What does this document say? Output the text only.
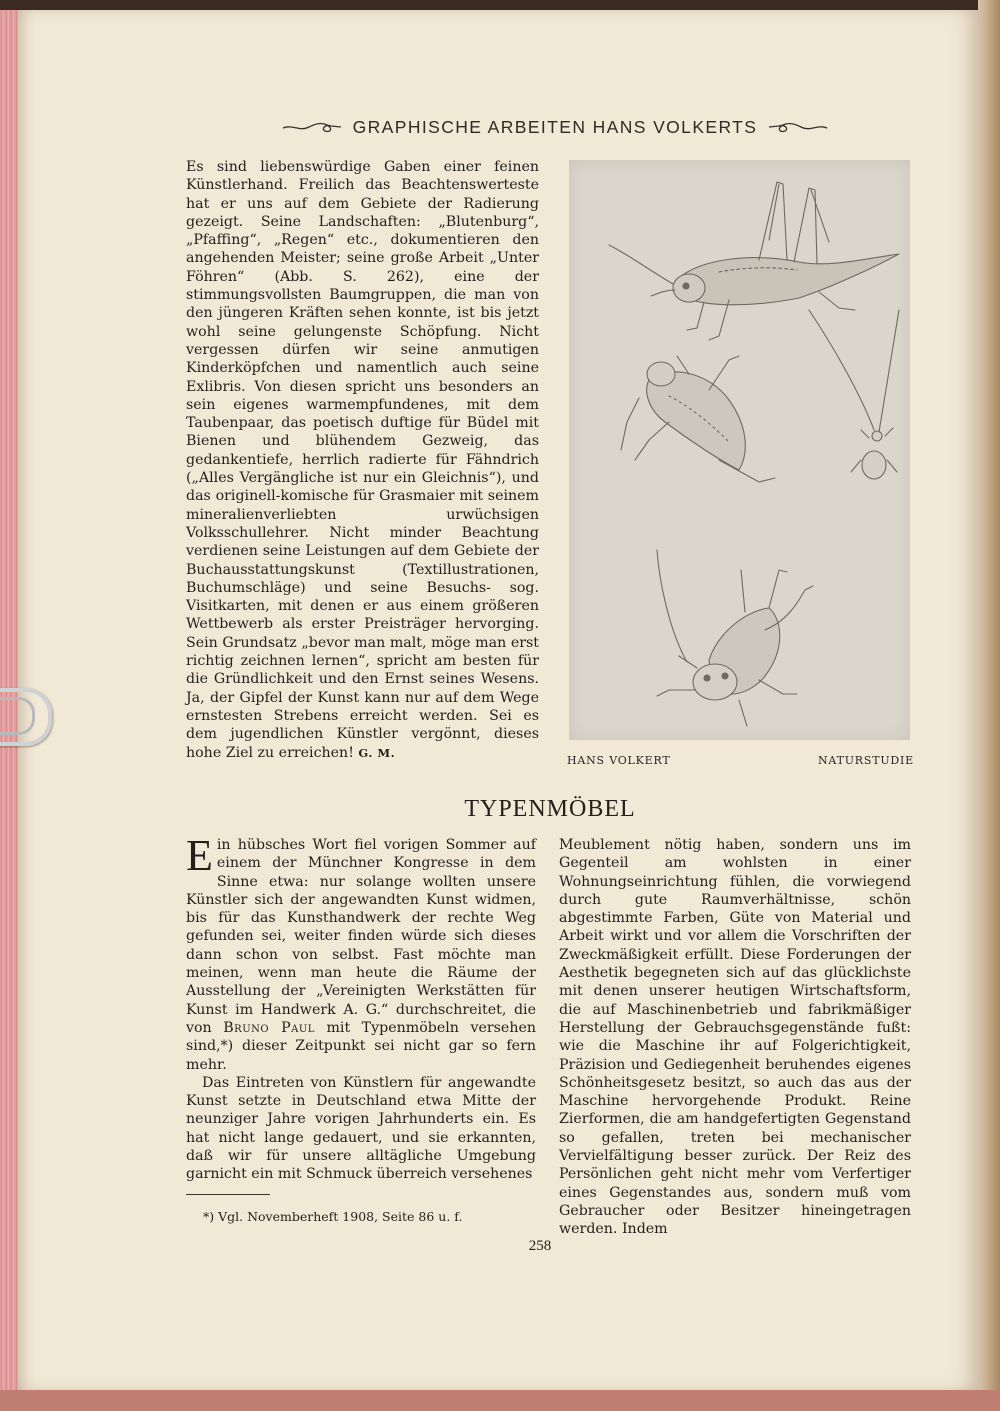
GRAPHISCHE ARBEITEN HANS VOLKERTS

Es sind liebenswürdige Gaben einer feinen Künstlerhand. Freilich das Beachtenswerteste hat er uns auf dem Gebiete der Radierung gezeigt. Seine Landschaften: „Blutenburg“, „Pfaffing“, „Regen“ etc., dokumentieren den angehenden Meister; seine große Arbeit „Unter Föhren“ (Abb. S. 262), eine der stimmungsvollsten Baumgruppen, die man von den jüngeren Kräften sehen konnte, ist bis jetzt wohl seine gelungenste Schöpfung. Nicht vergessen dürfen wir seine anmutigen Kinderköpfchen und namentlich auch seine Exlibris. Von diesen spricht uns besonders an sein eigenes warmempfundenes, mit dem Taubenpaar, das poetisch duftige für Büdel mit Bienen und blühendem Gezweig, das gedankentiefe, herrlich radierte für Fähndrich („Alles Vergängliche ist nur ein Gleichnis“), und das originell-komische für Grasmaier mit seinem mineralienverliebten urwüchsigen Volksschullehrer. Nicht minder Beachtung verdienen seine Leistungen auf dem Gebiete der Buchausstattungskunst (Textillustrationen, Buchumschläge) und seine Besuchs- sog. Visitkarten, mit denen er aus einem größeren Wettbewerb als erster Preisträger hervorging. Sein Grundsatz „bevor man malt, möge man erst richtig zeichnen lernen“, spricht am besten für die Gründlichkeit und den Ernst seines Wesens. Ja, der Gipfel der Kunst kann nur auf dem Wege ernstesten Strebens erreicht werden. Sei es dem jugendlichen Künstler vergönnt, dieses hohe Ziel zu erreichen! G. M.

HANS VOLKERT	NATURSTUDIE
TYPENMÖBEL

Ein hübsches Wort fiel vorigen Sommer auf einem der Münchner Kongresse in dem Sinne etwa: nur solange wollten unsere Künstler sich der angewandten Kunst widmen, bis für das Kunsthandwerk der rechte Weg gefunden sei, weiter finden würde sich dieses dann schon von selbst. Fast möchte man meinen, wenn man heute die Räume der Ausstellung der „Vereinigten Werkstätten für Kunst im Handwerk A. G.“ durchschreitet, die von Bruno Paul mit Typenmöbeln versehen sind,*) dieser Zeitpunkt sei nicht gar so fern mehr.

Das Eintreten von Künstlern für angewandte Kunst setzte in Deutschland etwa Mitte der neunziger Jahre vorigen Jahrhunderts ein. Es hat nicht lange gedauert, und sie erkannten, daß wir für unsere alltägliche Umgebung garnicht ein mit Schmuck überreich versehenes

Meublement nötig haben, sondern uns im Gegenteil am wohlsten in einer Wohnungseinrichtung fühlen, die vorwiegend durch gute Raumverhältnisse, schön abgestimmte Farben, Güte von Material und Arbeit wirkt und vor allem die Vorschriften der Zweckmäßigkeit erfüllt. Diese Forderungen der Aesthetik begegneten sich auf das glücklichste mit denen unserer heutigen Wirtschaftsform, die auf Maschinenbetrieb und fabrikmäßiger Herstellung der Gebrauchsgegenstände fußt: wie die Maschine ihr auf Folgerichtigkeit, Präzision und Gediegenheit beruhendes eigenes Schönheitsgesetz besitzt, so auch das aus der Maschine hervorgehende Produkt. Reine Zierformen, die am handgefertigten Gegenstand so gefallen, treten bei mechanischer Vervielfältigung besser zurück. Der Reiz des Persönlichen geht nicht mehr vom Verfertiger eines Gegenstandes aus, sondern muß vom Gebraucher oder Besitzer hineingetragen werden. Indem

*) Vgl. Novemberheft 1908, Seite 86 u. f.
258
